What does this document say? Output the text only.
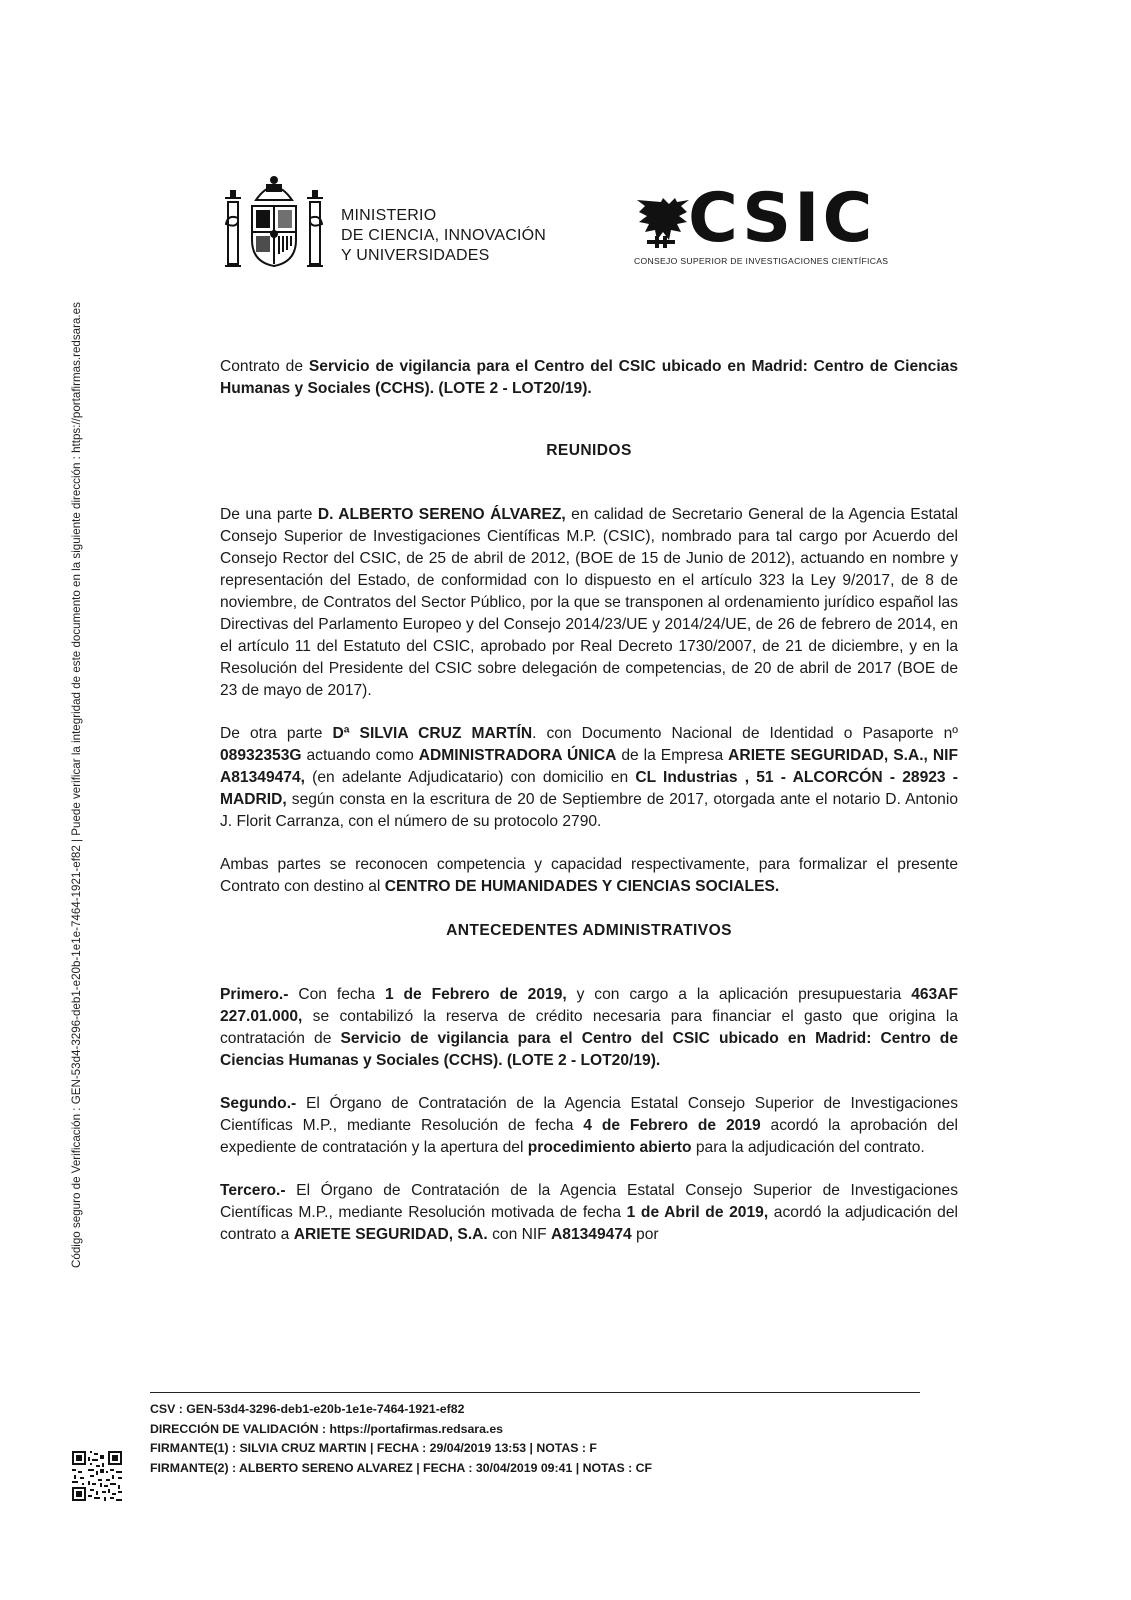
Código seguro de Verificación : GEN-53d4-3296-deb1-e20b-1e1e-7464-1921-ef82 | Puede verificar la integridad de este documento en la siguiente dirección : https://portafirmas.redsara.es
MINISTERIO
DE CIENCIA, INNOVACIÓN
Y UNIVERSIDADES	CSIC
CONSEJO SUPERIOR DE INVESTIGACIONES CIENTÍFICAS

Contrato de Servicio de vigilancia para el Centro del CSIC ubicado en Madrid: Centro de Ciencias Humanas y Sociales (CCHS). (LOTE 2 - LOT20/19).

REUNIDOS

De una parte D. ALBERTO SERENO ÁLVAREZ, en calidad de Secretario General de la Agencia Estatal Consejo Superior de Investigaciones Científicas M.P. (CSIC), nombrado para tal cargo por Acuerdo del Consejo Rector del CSIC, de 25 de abril de 2012, (BOE de 15 de Junio de 2012), actuando en nombre y representación del Estado, de conformidad con lo dispuesto en el artículo 323 la Ley 9/2017, de 8 de noviembre, de Contratos del Sector Público, por la que se transponen al ordenamiento jurídico español las Directivas del Parlamento Europeo y del Consejo 2014/23/UE y 2014/24/UE, de 26 de febrero de 2014, en el artículo 11 del Estatuto del CSIC, aprobado por Real Decreto 1730/2007, de 21 de diciembre, y en la Resolución del Presidente del CSIC sobre delegación de competencias, de 20 de abril de 2017 (BOE de 23 de mayo de 2017).

De otra parte Dª SILVIA CRUZ MARTÍN. con Documento Nacional de Identidad o Pasaporte nº 08932353G actuando como ADMINISTRADORA ÚNICA de la Empresa ARIETE SEGURIDAD, S.A., NIF A81349474, (en adelante Adjudicatario) con domicilio en CL Industrias , 51 - ALCORCÓN - 28923 - MADRID, según consta en la escritura de 20 de Septiembre de 2017, otorgada ante el notario D. Antonio J. Florit Carranza, con el número de su protocolo 2790.

Ambas partes se reconocen competencia y capacidad respectivamente, para formalizar el presente Contrato con destino al CENTRO DE HUMANIDADES Y CIENCIAS SOCIALES.

ANTECEDENTES ADMINISTRATIVOS

Primero.- Con fecha 1 de Febrero de 2019, y con cargo a la aplicación presupuestaria 463AF 227.01.000, se contabilizó la reserva de crédito necesaria para financiar el gasto que origina la contratación de Servicio de vigilancia para el Centro del CSIC ubicado en Madrid: Centro de Ciencias Humanas y Sociales (CCHS). (LOTE 2 - LOT20/19).

Segundo.- El Órgano de Contratación de la Agencia Estatal Consejo Superior de Investigaciones Científicas M.P., mediante Resolución de fecha 4 de Febrero de 2019 acordó la aprobación del expediente de contratación y la apertura del procedimiento abierto para la adjudicación del contrato.

Tercero.- El Órgano de Contratación de la Agencia Estatal Consejo Superior de Investigaciones Científicas M.P., mediante Resolución motivada de fecha 1 de Abril de 2019, acordó la adjudicación del contrato a ARIETE SEGURIDAD, S.A. con NIF A81349474 por

CSV : GEN-53d4-3296-deb1-e20b-1e1e-7464-1921-ef82
DIRECCIÓN DE VALIDACIÓN : https://portafirmas.redsara.es
FIRMANTE(1) : SILVIA CRUZ MARTIN | FECHA : 29/04/2019 13:53 | NOTAS : F
FIRMANTE(2) : ALBERTO SERENO ALVAREZ | FECHA : 30/04/2019 09:41 | NOTAS : CF
